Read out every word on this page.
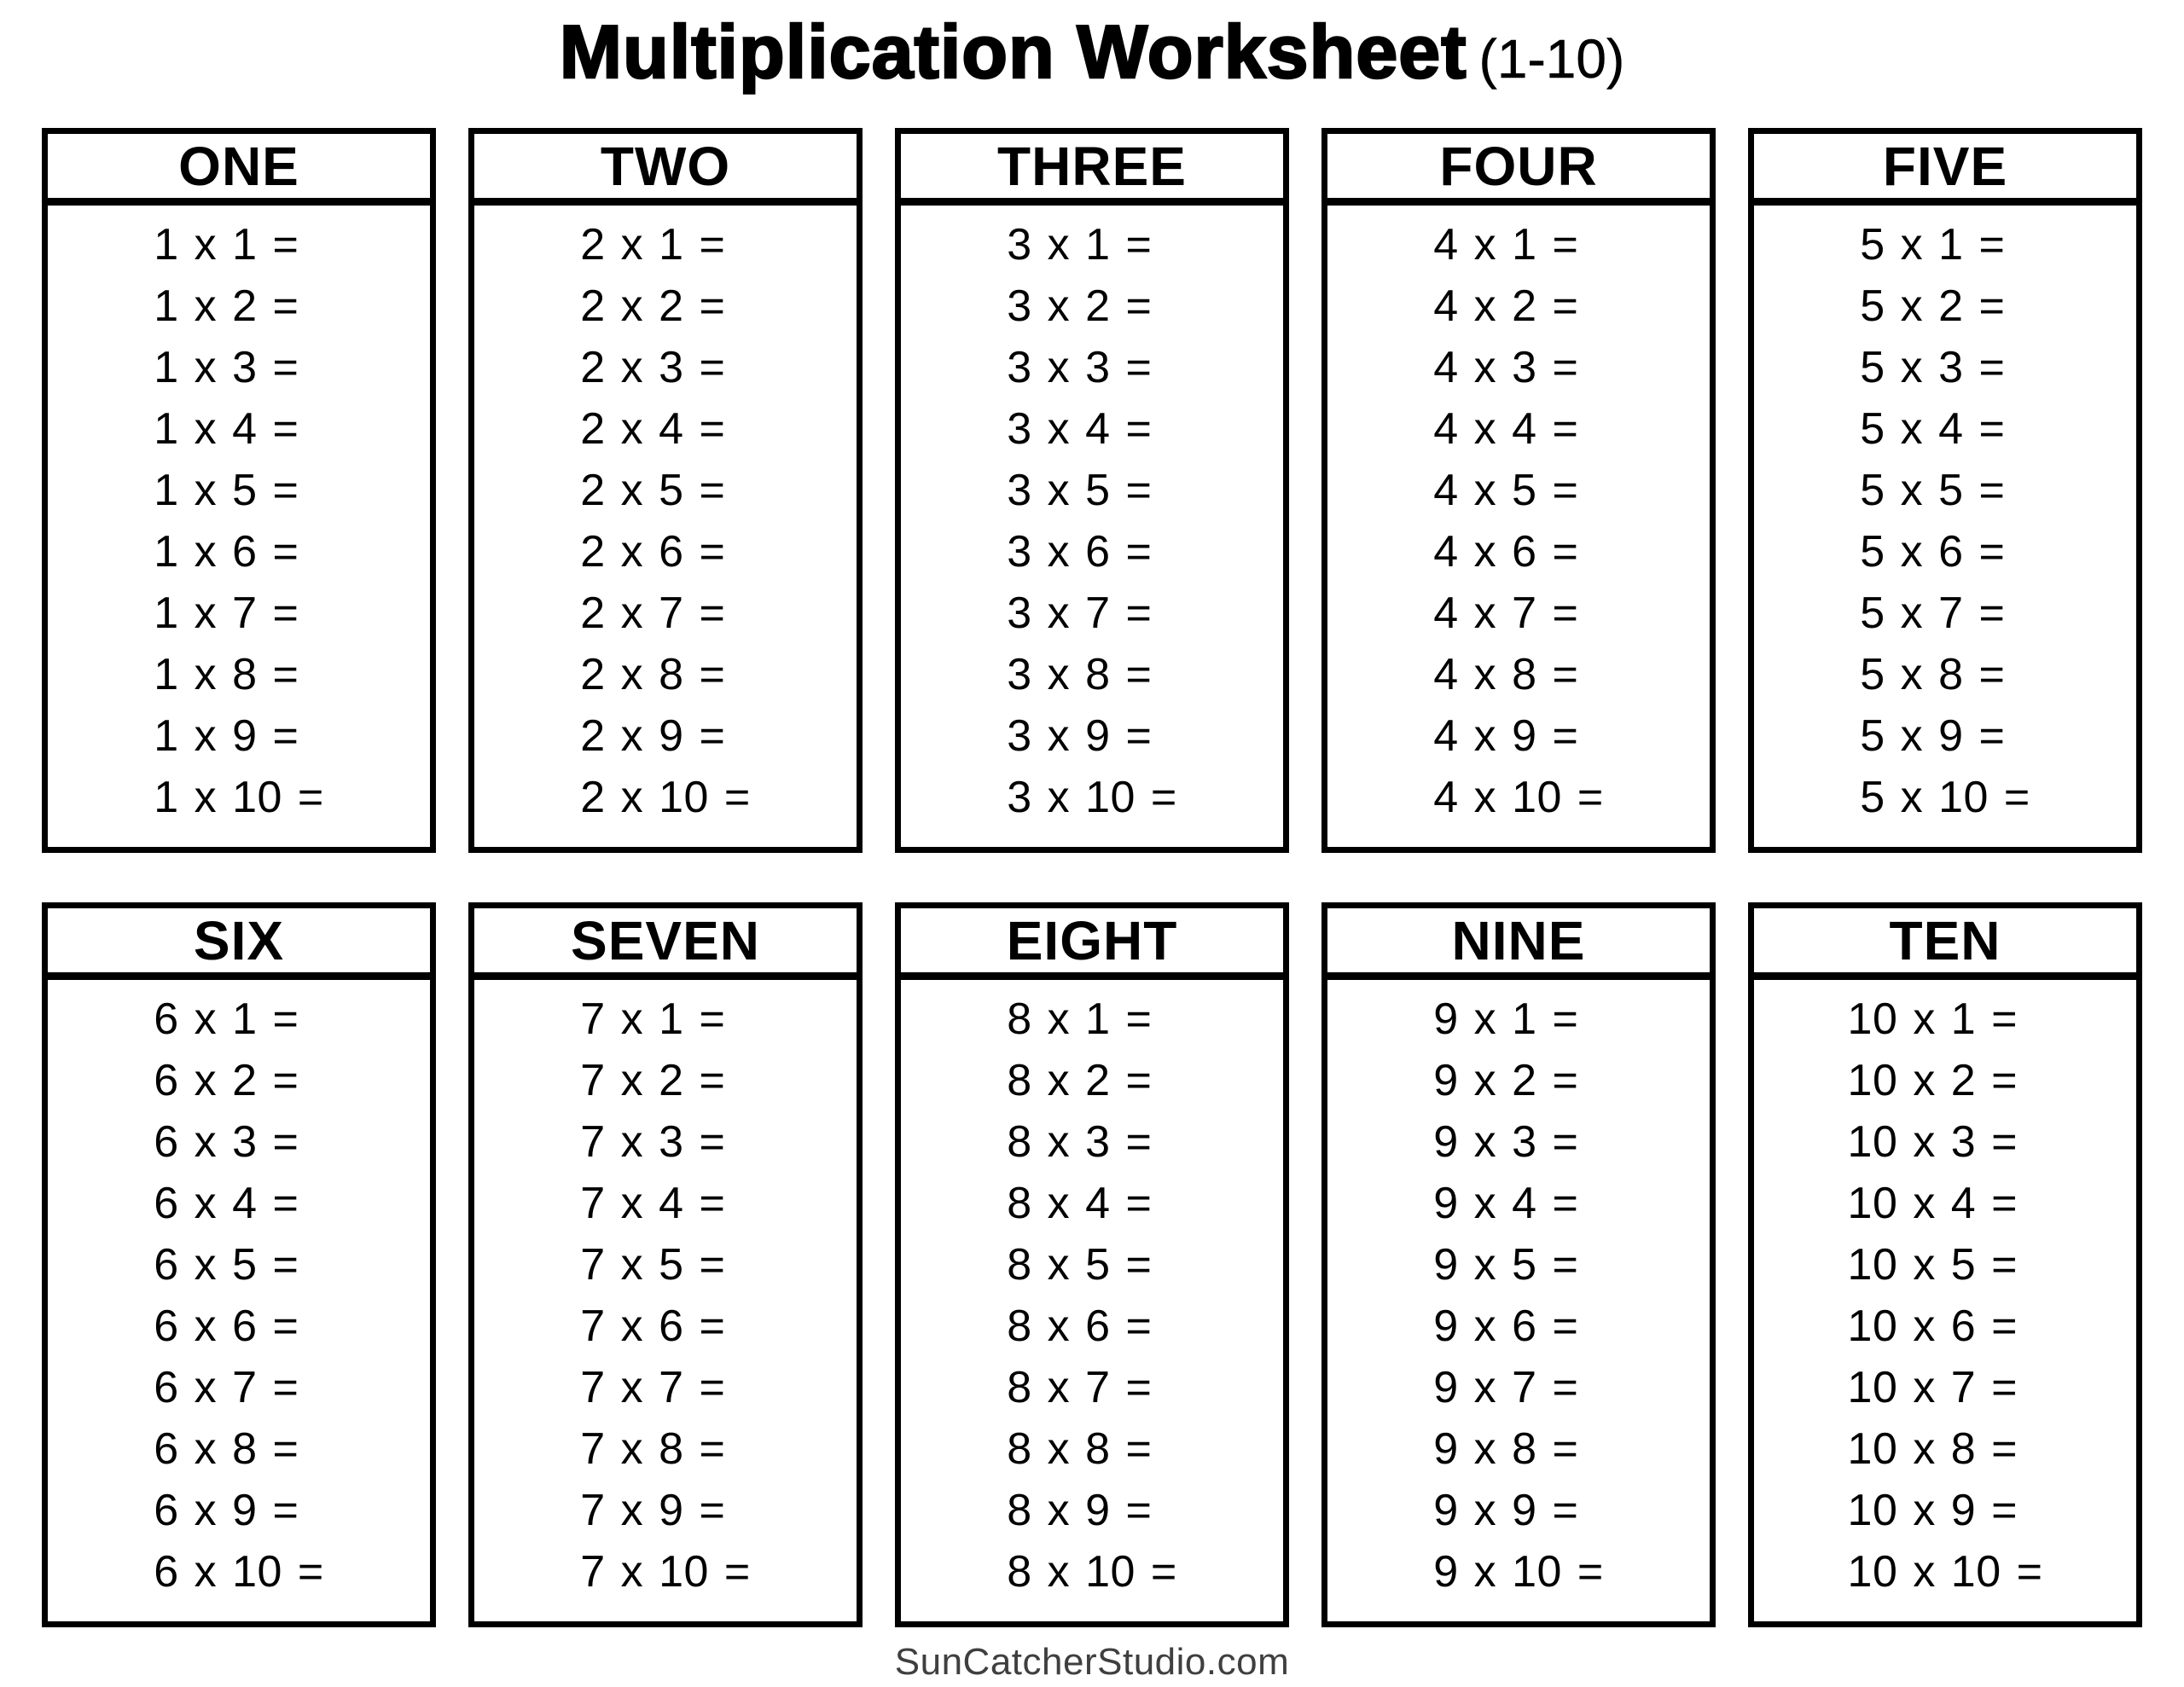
Multiplication Worksheet (1-10)
ONE
1 x 1 =
1 x 2 =
1 x 3 =
1 x 4 =
1 x 5 =
1 x 6 =
1 x 7 =
1 x 8 =
1 x 9 =
1 x 10 =
TWO
2 x 1 =
2 x 2 =
2 x 3 =
2 x 4 =
2 x 5 =
2 x 6 =
2 x 7 =
2 x 8 =
2 x 9 =
2 x 10 =
THREE
3 x 1 =
3 x 2 =
3 x 3 =
3 x 4 =
3 x 5 =
3 x 6 =
3 x 7 =
3 x 8 =
3 x 9 =
3 x 10 =
FOUR
4 x 1 =
4 x 2 =
4 x 3 =
4 x 4 =
4 x 5 =
4 x 6 =
4 x 7 =
4 x 8 =
4 x 9 =
4 x 10 =
FIVE
5 x 1 =
5 x 2 =
5 x 3 =
5 x 4 =
5 x 5 =
5 x 6 =
5 x 7 =
5 x 8 =
5 x 9 =
5 x 10 =
SIX
6 x 1 =
6 x 2 =
6 x 3 =
6 x 4 =
6 x 5 =
6 x 6 =
6 x 7 =
6 x 8 =
6 x 9 =
6 x 10 =
SEVEN
7 x 1 =
7 x 2 =
7 x 3 =
7 x 4 =
7 x 5 =
7 x 6 =
7 x 7 =
7 x 8 =
7 x 9 =
7 x 10 =
EIGHT
8 x 1 =
8 x 2 =
8 x 3 =
8 x 4 =
8 x 5 =
8 x 6 =
8 x 7 =
8 x 8 =
8 x 9 =
8 x 10 =
NINE
9 x 1 =
9 x 2 =
9 x 3 =
9 x 4 =
9 x 5 =
9 x 6 =
9 x 7 =
9 x 8 =
9 x 9 =
9 x 10 =
TEN
10 x 1 =
10 x 2 =
10 x 3 =
10 x 4 =
10 x 5 =
10 x 6 =
10 x 7 =
10 x 8 =
10 x 9 =
10 x 10 =
SunCatcherStudio.com
